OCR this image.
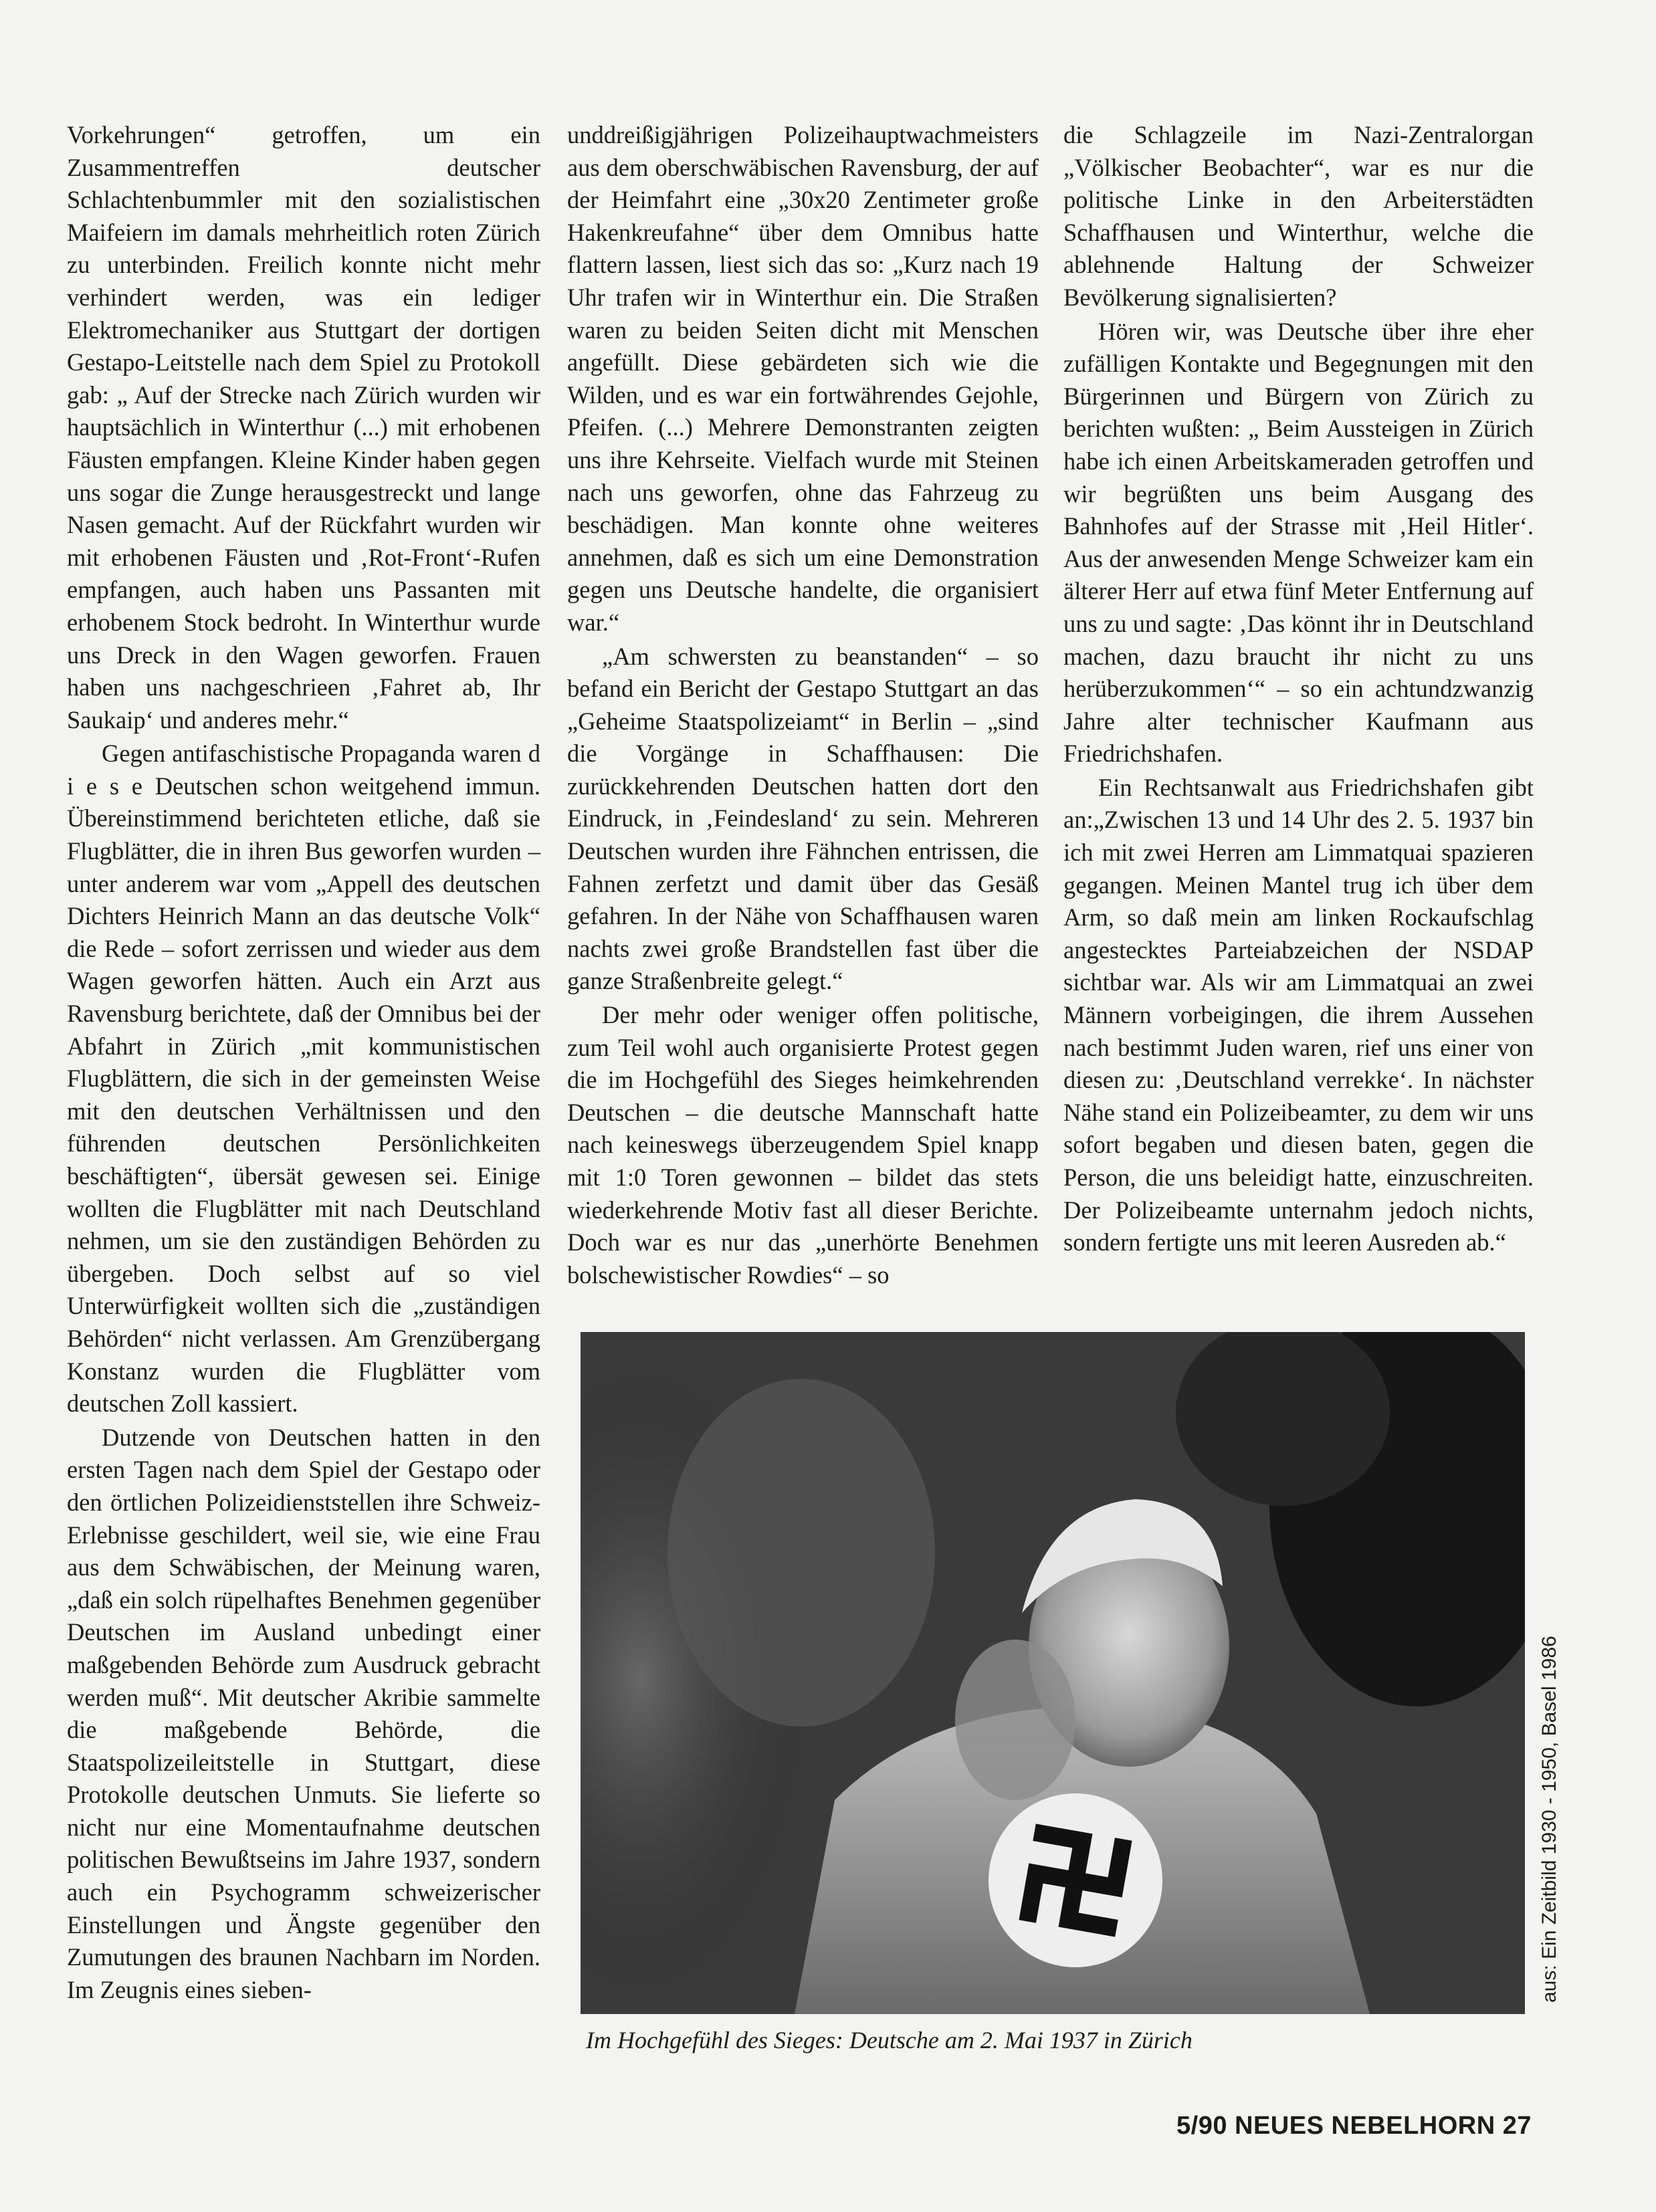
Vorkehrungen“ getroffen, um ein Zusammentreffen deutscher Schlachtenbummler mit den sozialistischen Maifeiern im damals mehrheitlich roten Zürich zu unterbinden. Freilich konnte nicht mehr verhindert werden, was ein lediger Elektromechaniker aus Stuttgart der dortigen Gestapo-Leitstelle nach dem Spiel zu Protokoll gab: „ Auf der Strecke nach Zürich wurden wir hauptsächlich in Winterthur (...) mit erhobenen Fäusten empfangen. Kleine Kinder haben gegen uns sogar die Zunge herausgestreckt und lange Nasen gemacht. Auf der Rückfahrt wurden wir mit erhobenen Fäusten und ‚Rot-Front‘-Rufen empfangen, auch haben uns Passanten mit erhobenem Stock bedroht. In Winterthur wurde uns Dreck in den Wagen geworfen. Frauen haben uns nachgeschrieen ‚Fahret ab, Ihr Saukaip‘ und anderes mehr.“

Gegen antifaschistische Propaganda waren d i e s e Deutschen schon weitgehend immun. Übereinstimmend berichteten etliche, daß sie Flugblätter, die in ihren Bus geworfen wurden – unter anderem war vom „Appell des deutschen Dichters Heinrich Mann an das deutsche Volk“ die Rede – sofort zerrissen und wieder aus dem Wagen geworfen hätten. Auch ein Arzt aus Ravensburg berichtete, daß der Omnibus bei der Abfahrt in Zürich „mit kommunistischen Flugblättern, die sich in der gemeinsten Weise mit den deutschen Verhältnissen und den führenden deutschen Persönlichkeiten beschäftigten“, übersät gewesen sei. Einige wollten die Flugblätter mit nach Deutschland nehmen, um sie den zuständigen Behörden zu übergeben. Doch selbst auf so viel Unterwürfigkeit wollten sich die „zuständigen Behörden“ nicht verlassen. Am Grenzübergang Konstanz wurden die Flugblätter vom deutschen Zoll kassiert.

Dutzende von Deutschen hatten in den ersten Tagen nach dem Spiel der Gestapo oder den örtlichen Polizeidienststellen ihre Schweiz-Erlebnisse geschildert, weil sie, wie eine Frau aus dem Schwäbischen, der Meinung waren, „daß ein solch rüpelhaftes Benehmen gegenüber Deutschen im Ausland unbedingt einer maßgebenden Behörde zum Ausdruck gebracht werden muß“. Mit deutscher Akribie sammelte die maßgebende Behörde, die Staatspolizeileitstelle in Stuttgart, diese Protokolle deutschen Unmuts. Sie lieferte so nicht nur eine Momentaufnahme deutschen politischen Bewußtseins im Jahre 1937, sondern auch ein Psychogramm schweizerischer Einstellungen und Ängste gegenüber den Zumutungen des braunen Nachbarn im Norden. Im Zeugnis eines sieben-

unddreißigjährigen Polizeihauptwachmeisters aus dem oberschwäbischen Ravensburg, der auf der Heimfahrt eine „30x20 Zentimeter große Hakenkreufahne“ über dem Omnibus hatte flattern lassen, liest sich das so: „Kurz nach 19 Uhr trafen wir in Winterthur ein. Die Straßen waren zu beiden Seiten dicht mit Menschen angefüllt. Diese gebärdeten sich wie die Wilden, und es war ein fortwährendes Gejohle, Pfeifen. (...) Mehrere Demonstranten zeigten uns ihre Kehrseite. Vielfach wurde mit Steinen nach uns geworfen, ohne das Fahrzeug zu beschädigen. Man konnte ohne weiteres annehmen, daß es sich um eine Demonstration gegen uns Deutsche handelte, die organisiert war.“

„Am schwersten zu beanstanden“ – so befand ein Bericht der Gestapo Stuttgart an das „Geheime Staatspolizeiamt“ in Berlin – „sind die Vorgänge in Schaffhausen: Die zurückkehrenden Deutschen hatten dort den Eindruck, in ‚Feindesland‘ zu sein. Mehreren Deutschen wurden ihre Fähnchen entrissen, die Fahnen zerfetzt und damit über das Gesäß gefahren. In der Nähe von Schaffhausen waren nachts zwei große Brandstellen fast über die ganze Straßenbreite gelegt.“

Der mehr oder weniger offen politische, zum Teil wohl auch organisierte Protest gegen die im Hochgefühl des Sieges heimkehrenden Deutschen – die deutsche Mannschaft hatte nach keineswegs überzeugendem Spiel knapp mit 1:0 Toren gewonnen – bildet das stets wiederkehrende Motiv fast all dieser Berichte. Doch war es nur das „unerhörte Benehmen bolschewistischer Rowdies“ – so

die Schlagzeile im Nazi-Zentralorgan „Völkischer Beobachter“, war es nur die politische Linke in den Arbeiterstädten Schaffhausen und Winterthur, welche die ablehnende Haltung der Schweizer Bevölkerung signalisierten?

Hören wir, was Deutsche über ihre eher zufälligen Kontakte und Begegnungen mit den Bürgerinnen und Bürgern von Zürich zu berichten wußten: „ Beim Aussteigen in Zürich habe ich einen Arbeitskameraden getroffen und wir begrüßten uns beim Ausgang des Bahnhofes auf der Strasse mit ‚Heil Hitler‘. Aus der anwesenden Menge Schweizer kam ein älterer Herr auf etwa fünf Meter Entfernung auf uns zu und sagte: ‚Das könnt ihr in Deutschland machen, dazu braucht ihr nicht zu uns herüberzukommen‘“ – so ein achtundzwanzig Jahre alter technischer Kaufmann aus Friedrichshafen.

Ein Rechtsanwalt aus Friedrichshafen gibt an:„Zwischen 13 und 14 Uhr des 2. 5. 1937 bin ich mit zwei Herren am Limmatquai spazieren gegangen. Meinen Mantel trug ich über dem Arm, so daß mein am linken Rockaufschlag angestecktes Parteiabzeichen der NSDAP sichtbar war. Als wir am Limmatquai an zwei Männern vorbeigingen, die ihrem Aussehen nach bestimmt Juden waren, rief uns einer von diesen zu: ‚Deutschland verrekke‘. In nächster Nähe stand ein Polizeibeamter, zu dem wir uns sofort begaben und diesen baten, gegen die Person, die uns beleidigt hatte, einzuschreiten. Der Polizeibeamte unternahm jedoch nichts, sondern fertigte uns mit leeren Ausreden ab.“

Im Hochgefühl des Sieges: Deutsche am 2. Mai 1937 in Zürich
aus: Ein Zeitbild 1930 - 1950, Basel 1986
5/90 NEUES NEBELHORN 27
